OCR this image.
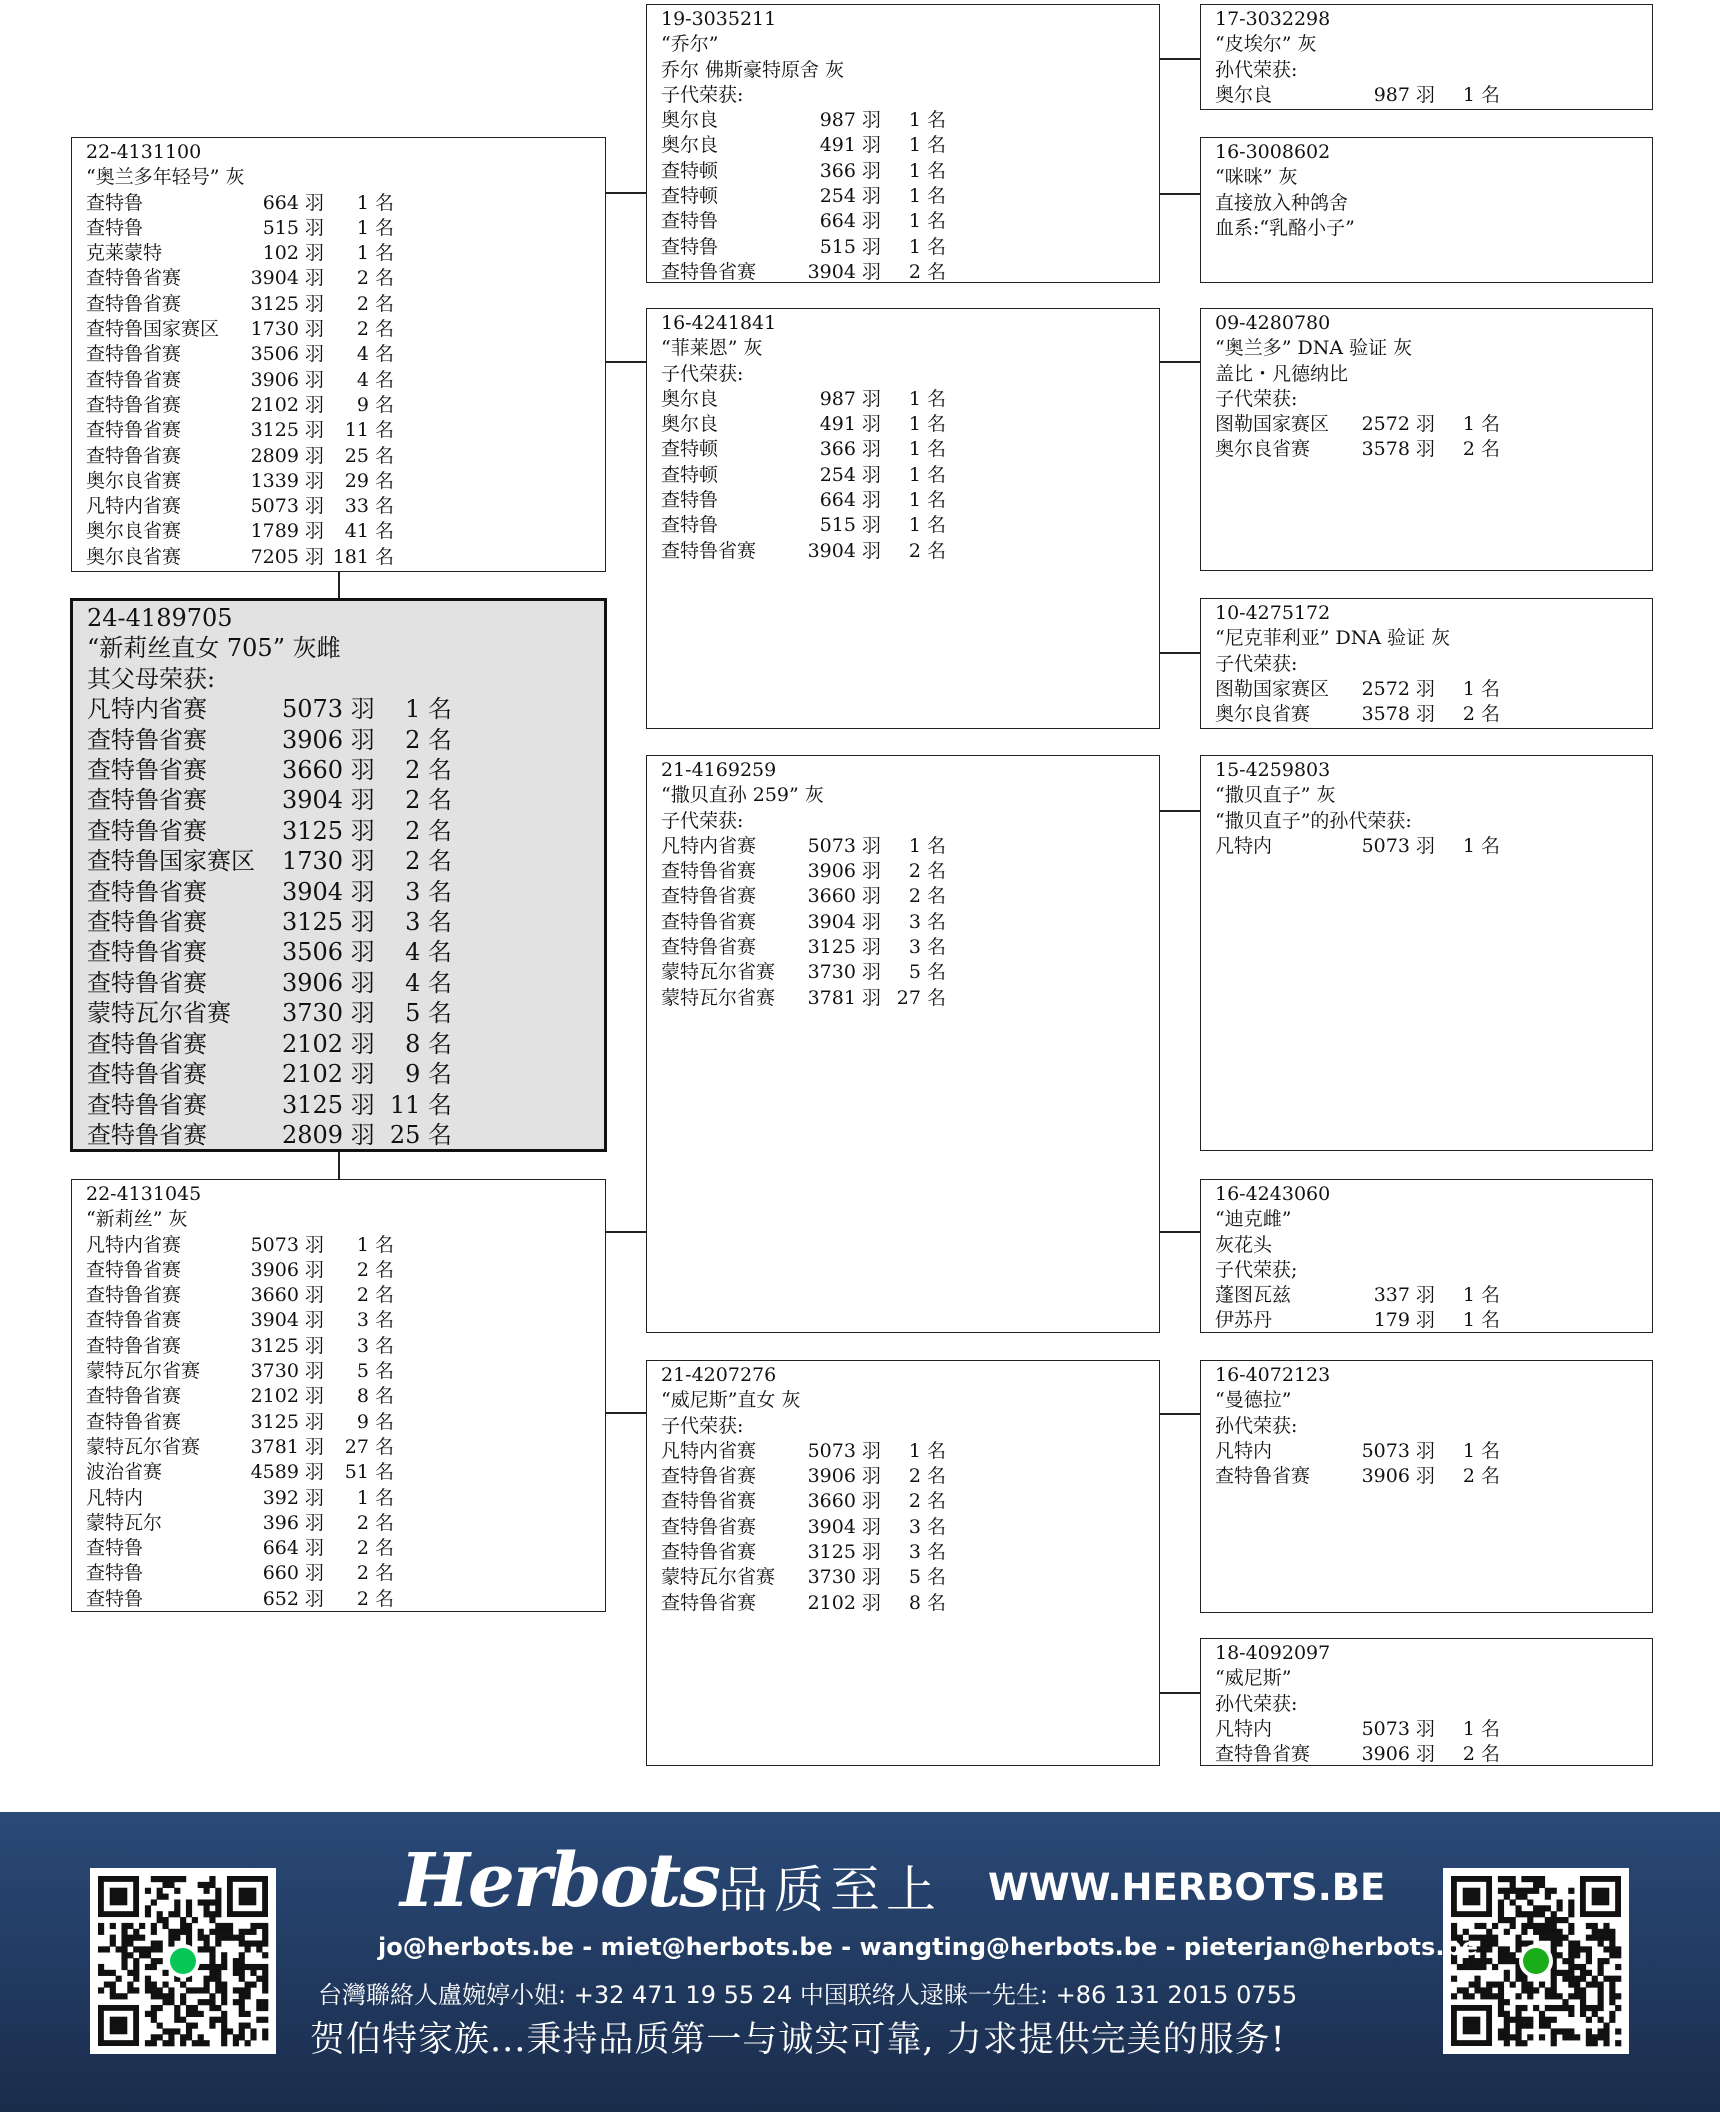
22-4131100
“奥兰多年轻号” 灰
查特鲁	664 羽	1 名
查特鲁	515 羽	1 名
克莱蒙特	102 羽	1 名
查特鲁省赛	3904 羽	2 名
查特鲁省赛	3125 羽	2 名
查特鲁国家赛区	1730 羽	2 名
查特鲁省赛	3506 羽	4 名
查特鲁省赛	3906 羽	4 名
查特鲁省赛	2102 羽	9 名
查特鲁省赛	3125 羽	11 名
查特鲁省赛	2809 羽	25 名
奥尔良省赛	1339 羽	29 名
凡特内省赛	5073 羽	33 名
奥尔良省赛	1789 羽	41 名
奥尔良省赛	7205 羽 181 名
24-4189705
“新莉丝直女 705” 灰雌
其父母荣获:
凡特内省赛	5073 羽	1 名
查特鲁省赛	3906 羽	2 名
查特鲁省赛	3660 羽	2 名
查特鲁省赛	3904 羽	2 名
查特鲁省赛	3125 羽	2 名
查特鲁国家赛区	1730 羽	2 名
查特鲁省赛	3904 羽	3 名
查特鲁省赛	3125 羽	3 名
查特鲁省赛	3506 羽	4 名
查特鲁省赛	3906 羽	4 名
蒙特瓦尔省赛	3730 羽	5 名
查特鲁省赛	2102 羽	8 名
查特鲁省赛	2102 羽	9 名
查特鲁省赛	3125 羽 11 名
查特鲁省赛	2809 羽 25 名
22-4131045
“新莉丝” 灰
凡特内省赛	5073 羽	1 名
查特鲁省赛	3906 羽	2 名
查特鲁省赛	3660 羽	2 名
查特鲁省赛	3904 羽	3 名
查特鲁省赛	3125 羽	3 名
蒙特瓦尔省赛	3730 羽	5 名
查特鲁省赛	2102 羽	8 名
查特鲁省赛	3125 羽	9 名
蒙特瓦尔省赛	3781 羽	27 名
波治省赛	4589 羽	51 名
凡特内	392 羽	1 名
蒙特瓦尔	396 羽	2 名
查特鲁	664 羽	2 名
查特鲁	660 羽	2 名
查特鲁	652 羽	2 名
19-3035211
“乔尔”
乔尔 佛斯豪特原舍 灰
子代荣获:
奥尔良	987 羽	1 名
奥尔良	491 羽	1 名
查特顿	366 羽	1 名
查特顿	254 羽	1 名
查特鲁	664 羽	1 名
查特鲁	515 羽	1 名
查特鲁省赛	3904 羽	2 名
16-4241841
“菲莱恩” 灰
子代荣获:
奥尔良	987 羽	1 名
奥尔良	491 羽	1 名
查特顿	366 羽	1 名
查特顿	254 羽	1 名
查特鲁	664 羽	1 名
查特鲁	515 羽	1 名
查特鲁省赛	3904 羽	2 名
21-4169259
“撒贝直孙 259” 灰
子代荣获:
凡特内省赛	5073 羽	1 名
查特鲁省赛	3906 羽	2 名
查特鲁省赛	3660 羽	2 名
查特鲁省赛	3904 羽	3 名
查特鲁省赛	3125 羽	3 名
蒙特瓦尔省赛	3730 羽	5 名
蒙特瓦尔省赛	3781 羽 27 名
21-4207276
“威尼斯”直女 灰
子代荣获:
凡特内省赛	5073 羽	1 名
查特鲁省赛	3906 羽	2 名
查特鲁省赛	3660 羽	2 名
查特鲁省赛	3904 羽	3 名
查特鲁省赛	3125 羽	3 名
蒙特瓦尔省赛	3730 羽	5 名
查特鲁省赛	2102 羽	8 名
17-3032298
“皮埃尔” 灰
孙代荣获:
奥尔良	987 羽	1 名
16-3008602
“咪咪” 灰
直接放入种鸽舍
血系:“乳酪小子”
09-4280780
“奥兰多” DNA 验证 灰
盖比・凡德纳比
子代荣获:
图勒国家赛区	2572 羽	1 名
奥尔良省赛	3578 羽	2 名
10-4275172
“尼克菲利亚” DNA 验证 灰
子代荣获:
图勒国家赛区	2572 羽	1 名
奥尔良省赛	3578 羽	2 名
15-4259803
“撒贝直子” 灰
“撒贝直子”的孙代荣获:
凡特内	5073 羽	1 名
16-4243060
“迪克雌”
灰花头
子代荣获;
蓬图瓦兹	337 羽	1 名
伊苏丹	179 羽	1 名
16-4072123
“曼德拉”
孙代荣获:
凡特内	5073 羽	1 名
查特鲁省赛	3906 羽	2 名
18-4092097
“威尼斯”
孙代荣获:
凡特内	5073 羽	1 名
查特鲁省赛	3906 羽	2 名
Herbots 品质至上 WWW.HERBOTS.BE
jo@herbots.be - miet@herbots.be - wangting@herbots.be - pieterjan@herbots.be
台灣聯絡人盧婉婷小姐: +32 471 19 55 24 中国联络人逯睐一先生: +86 131 2015 0755
贺伯特家族...秉持品质第一与诚实可靠, 力求提供完美的服务!
